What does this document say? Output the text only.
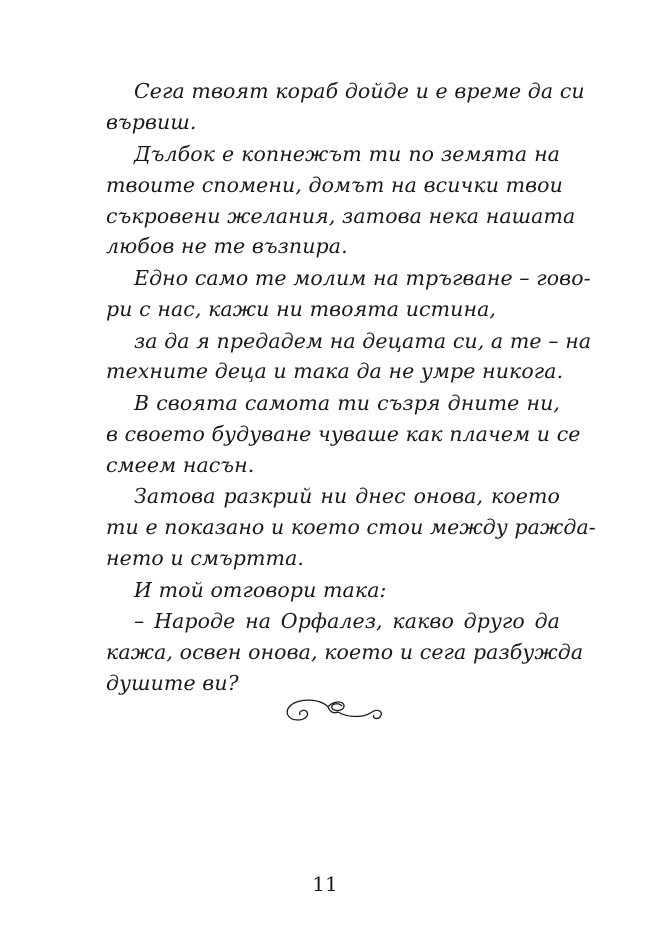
Сега твоят кораб дойде и е време да си
вървиш.
Дълбок е копнежът ти по земята на
твоите спомени, домът на всички твои
съкровени желания, затова нека нашата
любов не те възпира.
Едно само те молим на тръгване – гово-
ри с нас, кажи ни твоята истина,
за да я предадем на децата си, а те – на
техните деца и така да не умре никога.
В своята самота ти съзря дните ни,
в своето будуване чуваше как плачем и се
смеем насън.
Затова разкрий ни днес онова, което
ти е показано и което стои между ражда-
нето и смъртта.
И той отговори така:
– Народе на Орфалез, какво друго да
кажа, освен онова, което и сега разбужда
душите ви?
11
